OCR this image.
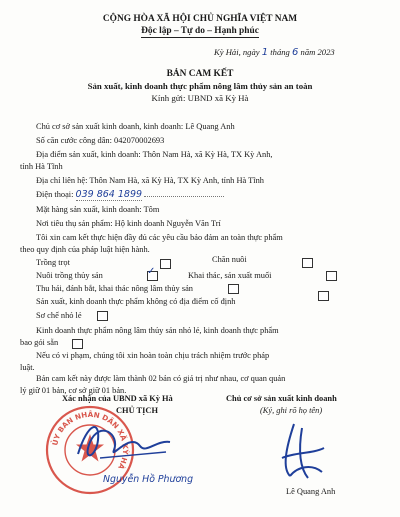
CỘNG HÒA XÃ HỘI CHỦ NGHĨA VIỆT NAM
Độc lập – Tự do – Hạnh phúc
Kỳ Hải, ngày 1 tháng 6 năm 2023
BẢN CAM KẾT
Sản xuất, kinh doanh thực phẩm nông lâm thủy sản an toàn
Kính gửi: UBND xã Kỳ Hà
Chủ cơ sở sản xuất kinh doanh, kinh doanh: Lê Quang Anh
Số căn cước công dân: 042070002693
Địa điểm sản xuất, kinh doanh: Thôn Nam Hà, xã Kỳ Hà, TX Kỳ Anh,
tỉnh Hà Tĩnh
Địa chỉ liên hệ: Thôn Nam Hà, xã Kỳ Hà, TX Kỳ Anh, tỉnh Hà Tĩnh
Điện thoại: 039 864 1899
Mặt hàng sản xuất, kinh doanh: Tôm
Nơi tiêu thụ sản phẩm: Hộ kinh doanh Nguyễn Văn Trí
Tôi xin cam kết thực hiện đầy đủ các yêu cầu bảo đảm an toàn thực phẩm
theo quy định của pháp luật hiện hành.
Trồng trọt	Chăn nuôi
Nuôi trồng thủy sản	✓	Khai thác, sản xuất muối
Thu hái, đánh bắt, khai thác nông lâm thủy sản
Sản xuất, kinh doanh thực phẩm không có địa điểm cố định
Sơ chế nhỏ lẻ
Kinh doanh thực phẩm nông lâm thủy sản nhỏ lẻ, kinh doanh thực phẩm
bao gói sẵn
Nếu có vi phạm, chúng tôi xin hoàn toàn chịu trách nhiệm trước pháp
luật.
Bản cam kết này được làm thành 02 bản có giá trị như nhau, cơ quan quản
lý giữ 01 bản, cơ sở giữ 01 bản.
Xác nhận của UBND xã Kỳ Hà
CHỦ TỊCH
Chủ cơ sở sản xuất kinh doanh
(Ký, ghi rõ họ tên)
ỦY BAN NHÂN DÂN XÃ KỲ HÀ
Nguyễn Hồ Phương
Lê Quang Anh
